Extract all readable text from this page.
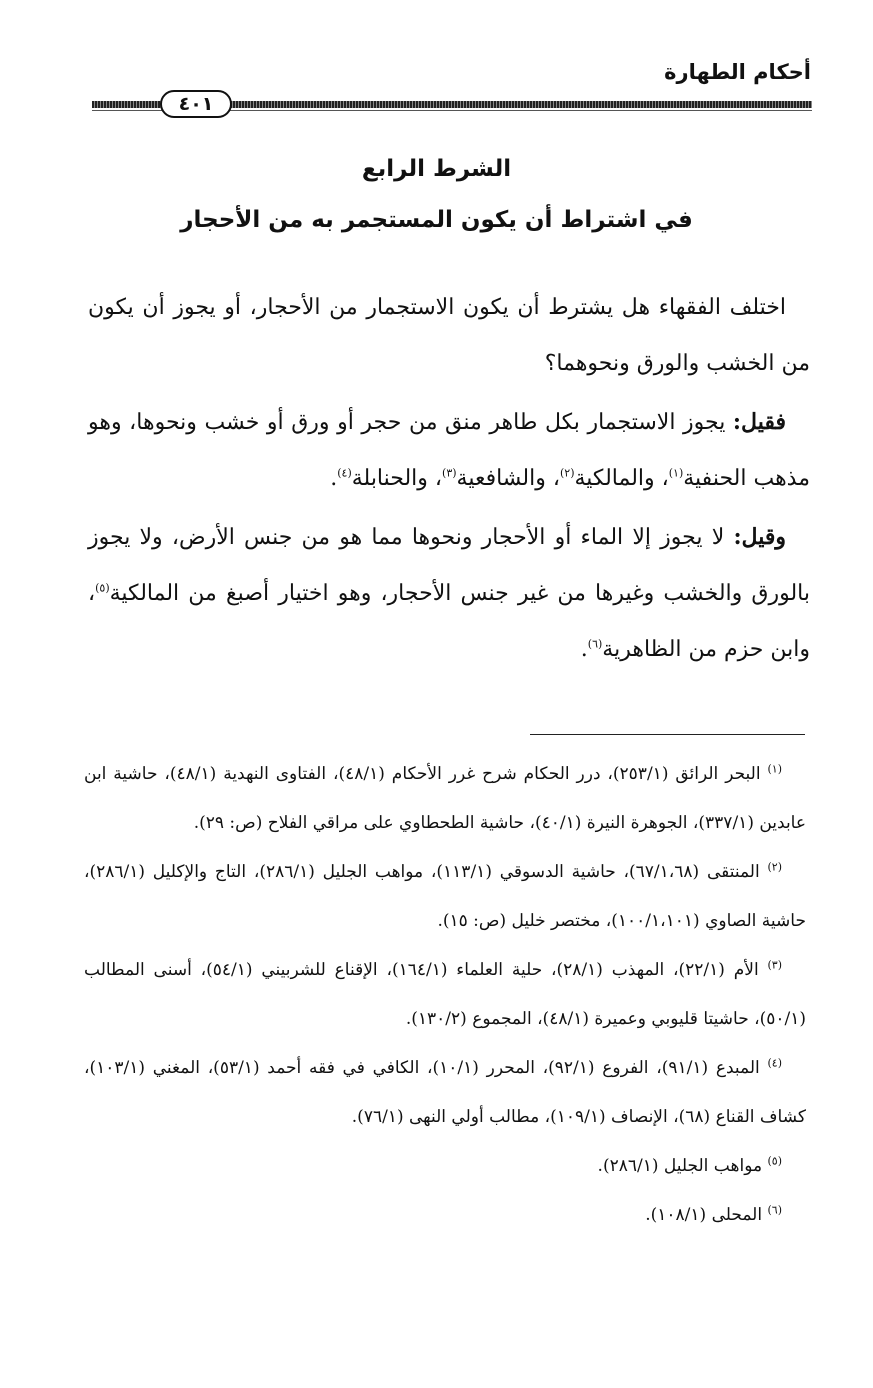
أحكام الطهارة
٤٠١
الشرط الرابع
في اشتراط أن يكون المستجمر به من الأحجار

اختلف الفقهاء هل يشترط أن يكون الاستجمار من الأحجار، أو يجوز أن يكون من الخشب والورق ونحوهما؟

فقيل: يجوز الاستجمار بكل طاهر منق من حجر أو ورق أو خشب ونحوها، وهو مذهب الحنفية$^{(١)}$، والمالكية$^{(٢)}$، والشافعية$^{(٣)}$، والحنابلة$^{(٤)}$.

وقيل: لا يجوز إلا الماء أو الأحجار ونحوها مما هو من جنس الأرض، ولا يجوز بالورق والخشب وغيرها من غير جنس الأحجار، وهو اختيار أصبغ من المالكية$^{(٥)}$، وابن حزم من الظاهرية$^{(٦)}$.

$^{(١)}$ البحر الرائق (٢٥٣/١)، درر الحكام شرح غرر الأحكام (٤٨/١)، الفتاوى النهدية (٤٨/١)، حاشية ابن عابدين (٣٣٧/١)، الجوهرة النيرة (٤٠/١)، حاشية الطحطاوي على مراقي الفلاح (ص: ٢٩).

$^{(٢)}$ المنتقى (٦٧/١،٦٨)، حاشية الدسوقي (١١٣/١)، مواهب الجليل (٢٨٦/١)، التاج والإكليل (٢٨٦/١)، حاشية الصاوي (١٠٠/١،١٠١)، مختصر خليل (ص: ١٥).

$^{(٣)}$ الأم (٢٢/١)، المهذب (٢٨/١)، حلية العلماء (١٦٤/١)، الإقناع للشربيني (٥٤/١)، أسنى المطالب (٥٠/١)، حاشيتا قليوبي وعميرة (٤٨/١)، المجموع (١٣٠/٢).

$^{(٤)}$ المبدع (٩١/١)، الفروع (٩٢/١)، المحرر (١٠/١)، الكافي في فقه أحمد (٥٣/١)، المغني (١٠٣/١)، كشاف القناع (٦٨)، الإنصاف (١٠٩/١)، مطالب أولي النهى (٧٦/١).

$^{(٥)}$ مواهب الجليل (٢٨٦/١).

$^{(٦)}$ المحلى (١٠٨/١).
